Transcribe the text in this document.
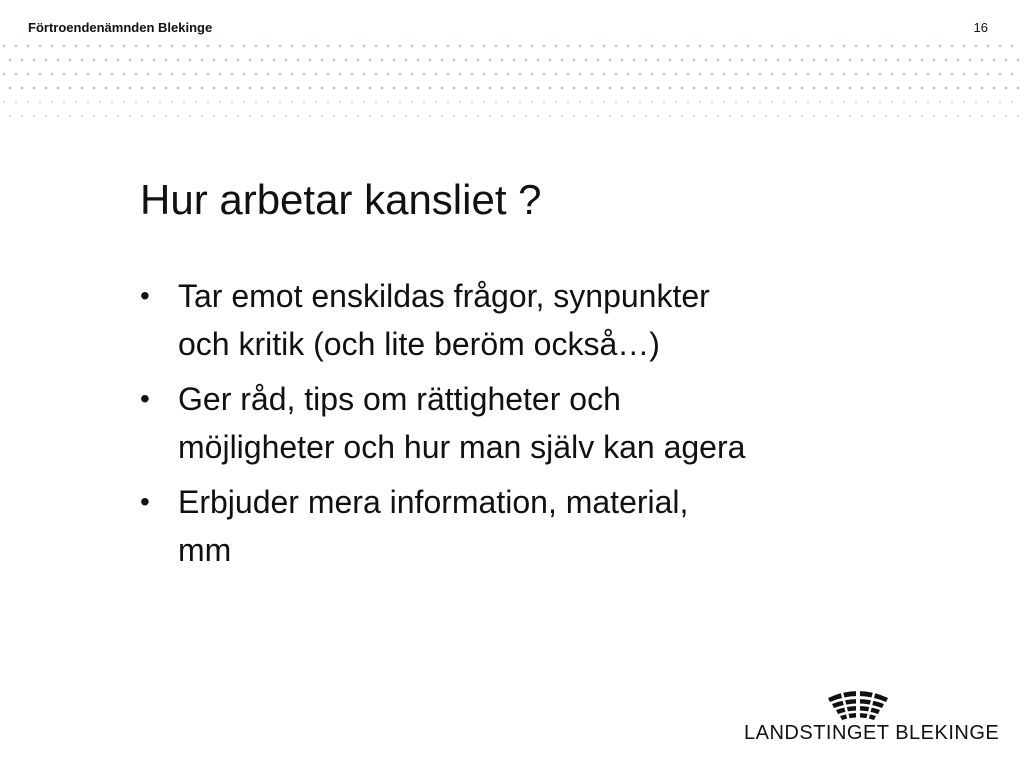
Förtroendenämnden Blekinge	16
Hur arbetar kansliet ?
• Tar emot enskildas frågor, synpunkter
och kritik (och lite beröm också…)
• Ger råd, tips om rättigheter och
möjligheter och hur man själv kan agera
• Erbjuder mera information, material,
mm
LANDSTINGET BLEKINGE
